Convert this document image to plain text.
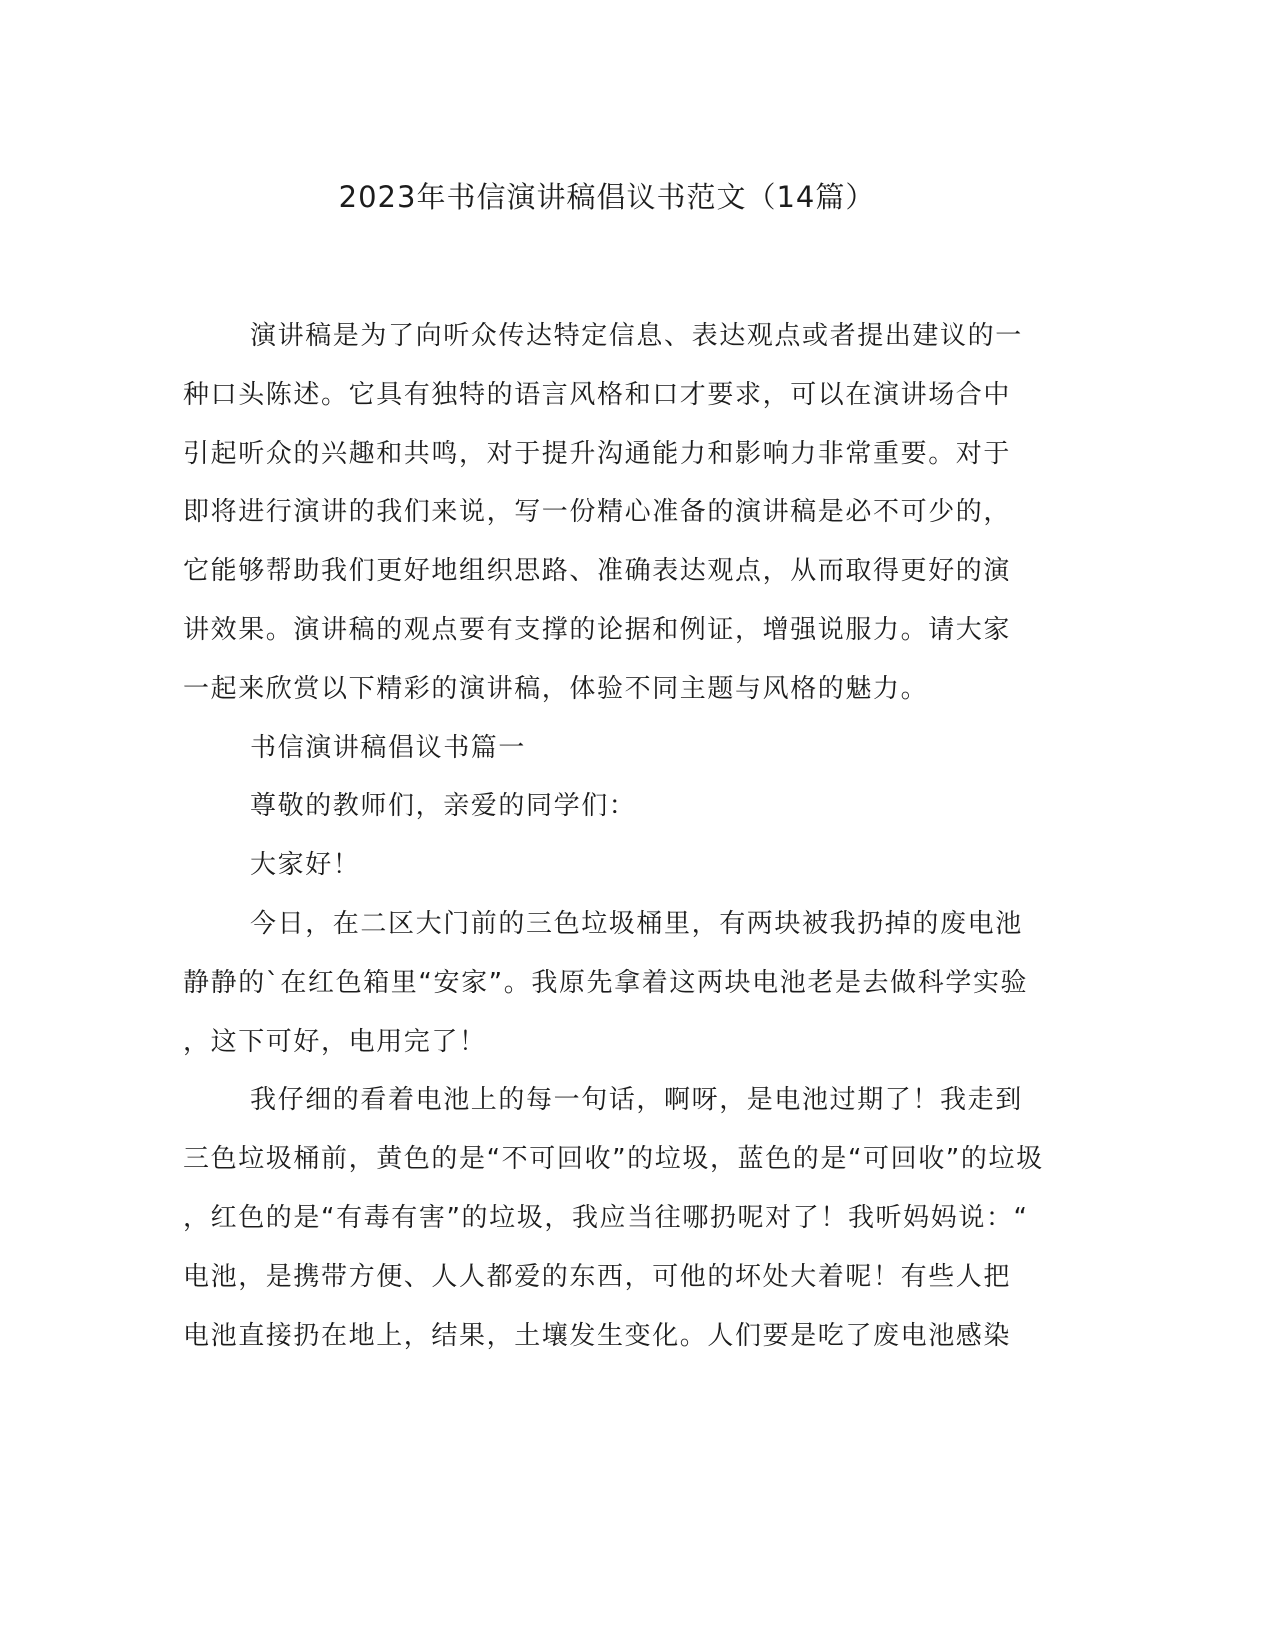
2023年书信演讲稿倡议书范文（14篇）
演讲稿是为了向听众传达特定信息、表达观点或者提出建议的一
种口头陈述。它具有独特的语言风格和口才要求，可以在演讲场合中
引起听众的兴趣和共鸣，对于提升沟通能力和影响力非常重要。对于
即将进行演讲的我们来说，写一份精心准备的演讲稿是必不可少的，
它能够帮助我们更好地组织思路、准确表达观点，从而取得更好的演
讲效果。演讲稿的观点要有支撑的论据和例证，增强说服力。请大家
一起来欣赏以下精彩的演讲稿，体验不同主题与风格的魅力。
书信演讲稿倡议书篇一
尊敬的教师们，亲爱的同学们：
大家好！
今日，在二区大门前的三色垃圾桶里，有两块被我扔掉的废电池
静静的`在红色箱里“安家”。我原先拿着这两块电池老是去做科学实验
，这下可好，电用完了！
我仔细的看着电池上的每一句话，啊呀，是电池过期了！我走到
三色垃圾桶前，黄色的是“不可回收”的垃圾，蓝色的是“可回收”的垃圾
，红色的是“有毒有害”的垃圾，我应当往哪扔呢对了！我听妈妈说：“
电池，是携带方便、人人都爱的东西，可他的坏处大着呢！有些人把
电池直接扔在地上，结果，土壤发生变化。人们要是吃了废电池感染
